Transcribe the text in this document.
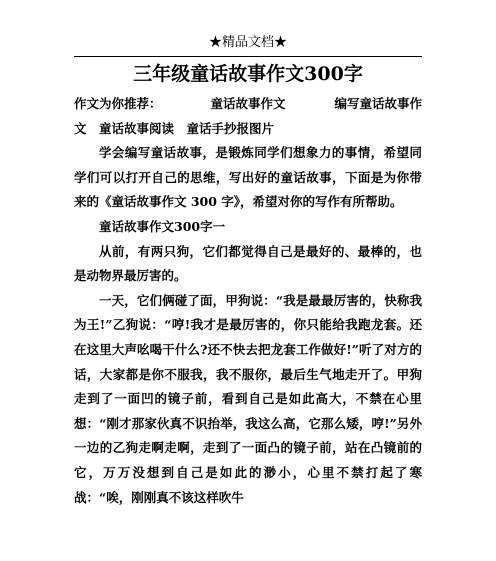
★精品文档★
三年级童话故事作文300字
作文为你推荐：	童话故事作文	编写童话故事作

文　童话故事阅读　童话手抄报图片

学会编写童话故事，是锻炼同学们想象力的事情，希望同学们可以打开自己的思维，写出好的童话故事，下面是为你带来的《童话故事作文 300 字》，希望对你的写作有所帮助。

童话故事作文300字一

从前，有两只狗，它们都觉得自己是最好的、最棒的，也是动物界最厉害的。

一天，它们俩碰了面，甲狗说：“我是最最厉害的，快称我为王!”乙狗说：“哼!我才是最厉害的，你只能给我跑龙套。还在这里大声吆喝干什么?还不快去把龙套工作做好!”听了对方的话，大家都是你不服我，我不服你，最后生气地走开了。甲狗走到了一面凹的镜子前，看到自己是如此高大，不禁在心里想：“刚才那家伙真不识抬举，我这么高，它那么矮，哼!”另外一边的乙狗走啊走啊，走到了一面凸的镜子前，站在凸镜前的它，万万没想到自己是如此的渺小，心里不禁打起了寒战：“唉，刚刚真不该这样吹牛
